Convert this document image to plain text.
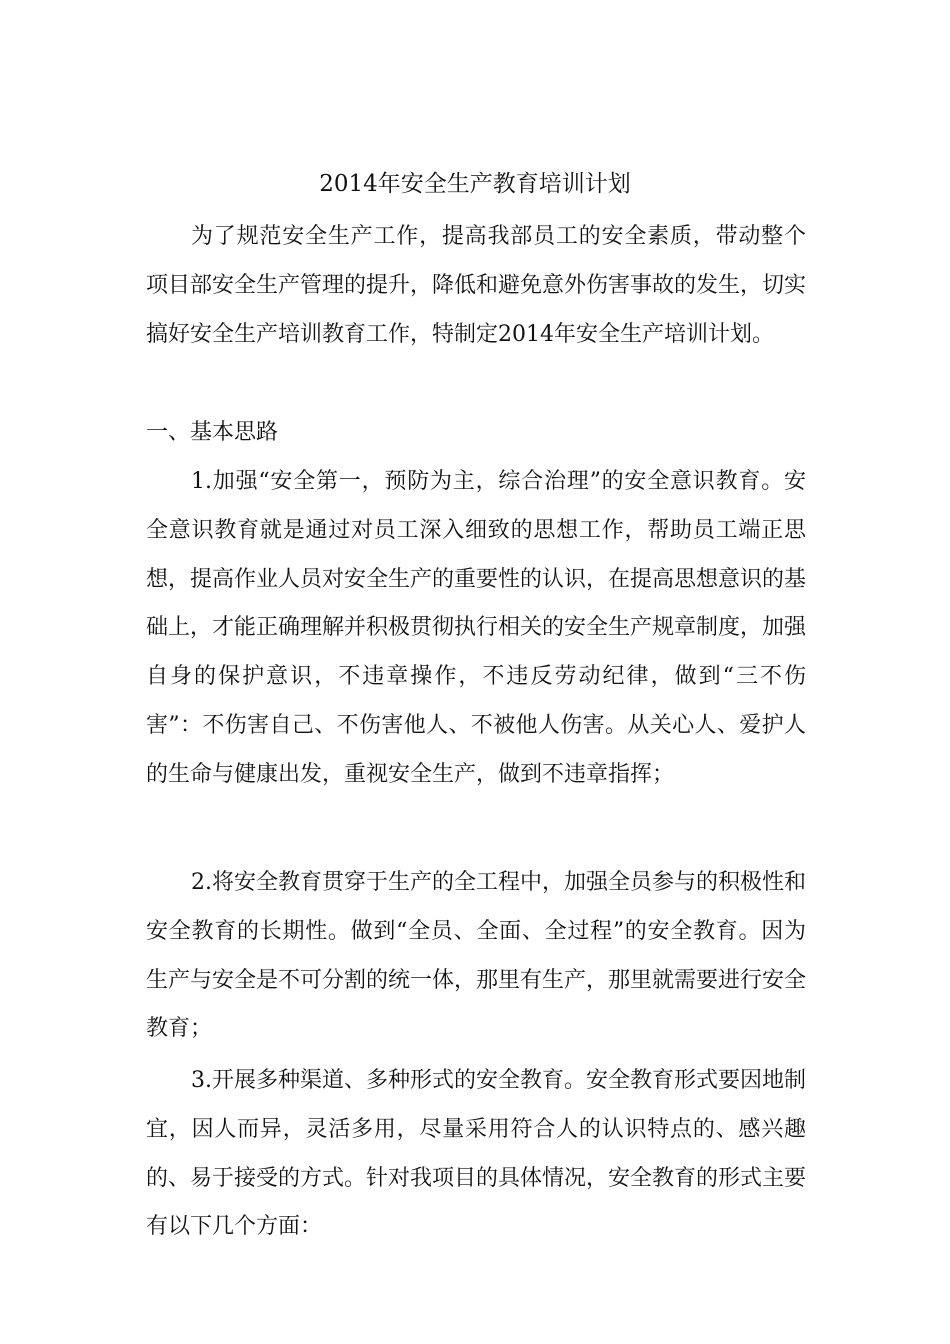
2014年安全生产教育培训计划

为了规范安全生产工作，提高我部员工的安全素质，带动整个项目部安全生产管理的提升，降低和避免意外伤害事故的发生，切实搞好安全生产培训教育工作，特制定2014年安全生产培训计划。

一、基本思路

1.加强“安全第一，预防为主，综合治理”的安全意识教育。安全意识教育就是通过对员工深入细致的思想工作，帮助员工端正思想，提高作业人员对安全生产的重要性的认识，在提高思想意识的基础上，才能正确理解并积极贯彻执行相关的安全生产规章制度，加强自身的保护意识，不违章操作，不违反劳动纪律，做到“三不伤害”：不伤害自己、不伤害他人、不被他人伤害。从关心人、爱护人的生命与健康出发，重视安全生产，做到不违章指挥；

2.将安全教育贯穿于生产的全工程中，加强全员参与的积极性和安全教育的长期性。做到“全员、全面、全过程”的安全教育。因为生产与安全是不可分割的统一体，那里有生产，那里就需要进行安全教育；

3.开展多种渠道、多种形式的安全教育。安全教育形式要因地制宜，因人而异，灵活多用，尽量采用符合人的认识特点的、感兴趣的、易于接受的方式。针对我项目的具体情况，安全教育的形式主要有以下几个方面：
